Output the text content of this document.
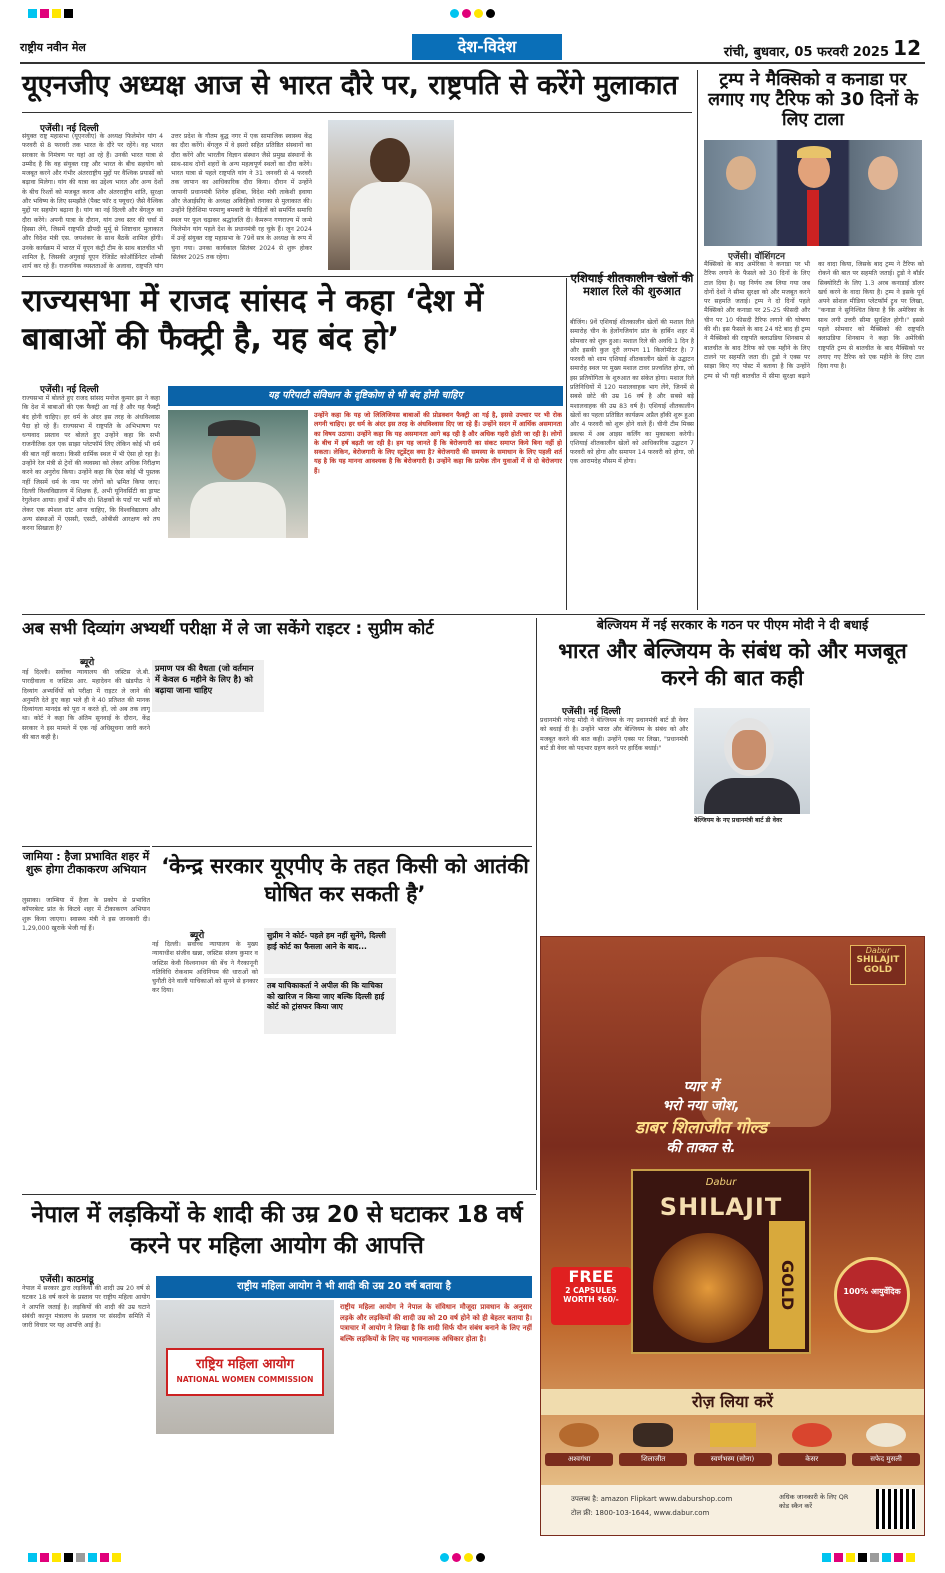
राष्ट्रीय नवीन मेल	देश-विदेश	रांची, बुधवार, 05 फरवरी 2025 12
यूएनजीए अध्यक्ष आज से भारत दौरे पर, राष्ट्रपति से करेंगे मुलाकात
एजेंसी। नई दिल्ली
संयुक्त राष्ट्र महासभा (यूएनजीए) के अध्यक्ष फिलेमोन यांग 4 फरवरी से 8 फरवरी तक भारत के दौरे पर रहेंगे। वह भारत सरकार के निमंत्रण पर यहां आ रहे हैं। उनकी भारत यात्रा से उम्मीद है कि वह संयुक्त राष्ट्र और भारत के बीच सहयोग को मजबूत करने और गंभीर अंतरराष्ट्रीय मुद्दों पर वैश्विक प्रयासों को बढ़ावा मिलेगा। यांग की यात्रा का उद्देश्य भारत और अन्य देशों के बीच रिश्तों को मजबूत करना और अंतरराष्ट्रीय शांति, सुरक्षा और भविष्य के लिए समझौते (पैक्ट फॉर द फ्यूचर) जैसे वैश्विक मुद्दों पर सहयोग बढ़ाना है। यांग का नई दिल्ली और बेंगलुरु का दौरा करेंगे। अपनी यात्रा के दौरान, यांग उच्च स्तर की चर्चा में हिस्सा लेंगे, जिसमें राष्ट्रपति द्रौपदी मुर्मू से शिष्टाचार मुलाकात और विदेश मंत्री एस. जयशंकर के साथ बैठकें शामिल होंगी। उनके कार्यक्रम में भारत में यूएन कंट्री टीम के साथ बातचीत भी शामिल है, जिसकी अगुवाई यूएन रेजिडेंट कोऑर्डिनेटर शोम्बी शार्प कर रहे हैं। राजनयिक व्यस्तताओं के अलावा, राष्ट्रपति यांग उत्तर प्रदेश के गौतम बुद्ध नगर में एक सामाजिक स्वास्थ्य केंद्र का दौरा करेंगे। बेंगलुरु में वे इसरो सहित प्रतिष्ठित संस्थानों का दौरा करेंगे और भारतीय विज्ञान संस्थान जैसे प्रमुख संस्थानों के साथ-साथ दोनों शहरों के अन्य महत्वपूर्ण स्थलों का दौरा करेंगे। भारत यात्रा से पहले राष्ट्रपति यांग ने 31 जनवरी से 4 फरवरी तक जापान का आधिकारिक दौरा किया। दौरान में उन्होंने जापानी प्रधानमंत्री शिगेरु इशिबा, विदेश मंत्री ताकेशी इवाया और जेआईसीए के अध्यक्ष अकिहिको तनाका से मुलाकात की। उन्होंने हिरोशिमा परमाणु बमबारी के पीड़ितों को समर्पित समाधि स्थल पर फूल चढ़ाकर श्रद्धांजलि दी। कैमरून गणराज्य में जन्मे फिलेमोन यांग पहले देश के प्रधानमंत्री रह चुके हैं। जून 2024 में उन्हें संयुक्त राष्ट्र महासभा के 79वें सत्र के अध्यक्ष के रूप में चुना गया। उनका कार्यकाल सितंबर 2024 से शुरू होकर सितंबर 2025 तक रहेगा।
ट्रम्प ने मैक्सिको व कनाडा पर लगाए गए टैरिफ को 30 दिनों के लिए टाला
एजेंसी। वॉशिंगटन
मैक्सिको के बाद अमेरिका ने कनाडा पर भी टैरिफ लगाने के फैसले को 30 दिनों के लिए टाल दिया है। यह निर्णय तब लिया गया जब दोनों देशों ने सीमा सुरक्षा को और मजबूत करने पर सहमति जताई। ट्रम्प ने दो दिनों पहले मैक्सिको और कनाडा पर 25-25 फीसदी और चीन पर 10 फीसदी टैरिफ लगाने की घोषणा की थी। इस फैसले के बाद 24 घंटे बाद ही ट्रम्प ने मैक्सिको की राष्ट्रपति क्लाउडिया शिनबाम से बातचीत के बाद टैरिफ को एक महीने के लिए टालने पर सहमति जता दी। ट्रूडो ने एक्स पर साझा किए गए पोस्ट में बताया है कि उन्होंने ट्रम्प से भी यही बातचीत में सीमा सुरक्षा बढ़ाने का वादा किया, जिसके बाद ट्रम्प ने टैरिफ को रोकने की बात पर सहमति जताई। ट्रूडो ने बॉर्डर सिक्योरिटी के लिए 1.3 अरब कनाडाई डॉलर खर्च करने के वादा किया है। ट्रम्प ने इसके पूर्व अपने सोशल मीडिया प्लेटफॉर्म ट्रुथ पर लिखा, "कनाडा ने सुनिश्चित किया है कि अमेरिका के साथ लगी उत्तरी सीमा सुरक्षित होगी।" इससे पहले सोमवार को मैक्सिको की राष्ट्रपति क्लाउडिया शिनबाम ने कहा कि अमेरिकी राष्ट्रपति ट्रम्प से बातचीत के बाद मैक्सिको पर लगाए गए टैरिफ को एक महीने के लिए टाल दिया गया है।
राज्यसभा में राजद सांसद ने कहा ‘देश में बाबाओं की फैक्ट्री है, यह बंद हो’
एजेंसी। नई दिल्ली
राज्यसभा में बोलते हुए राजद सांसद मनोज कुमार झा ने कहा कि देश में बाबाओं की एक फैक्ट्री आ गई है और यह फैक्ट्री बंद होनी चाहिए। हर धर्म के अंदर इस तरह के अंधविश्वास पैदा हो रहे हैं। राज्यसभा में राष्ट्रपति के अभिभाषण पर धन्यवाद प्रस्ताव पर बोलते हुए उन्होंने कहा कि सभी राजनीतिक दल एक साझा प्लेटफॉर्म लिए लेकिन कोई भी धर्म की बात नहीं करता। किसी धार्मिक स्थल में भी ऐसा हो रहा है। उन्होंने रेल मंत्री से ट्रेनों की व्यवस्था को लेकर अधिक निरीक्षण करने का अनुरोध किया। उन्होंने कहा कि ऐसा कोई भी पुस्तक नहीं जिसमें धर्म के नाम पर लोगों को भ्रमित किया जाए। दिल्ली विश्वविद्यालय में शिक्षक हैं, अभी यूनिवर्सिटी का ड्राफ्ट रेगुलेशन आया। हाथों में सौंप दो। शिक्षकों के पदों पर भर्ती को लेकर एक स्पेशल ग्रांट आना चाहिए, कि विश्वविद्यालय और अन्य संस्थाओं में एससी, एसटी, ओबीसी आरक्षण को तय करना सिखाता है?
यह परिपाटी संविधान के दृष्टिकोण से भी बंद होनी चाहिए
उन्होंने कहा कि यह जो लिलिजियस बाबाओं की प्रोडक्शन फैक्ट्री आ गई है, इससे उपचार पर भी रोक लगनी चाहिए। हर धर्म के अंदर इस तरह के अंधविश्वास दिए जा रहे हैं। उन्होंने सदन में आर्थिक असमानता का विषय उठाया। उन्होंने कहा कि यह असमानता आगे बढ़ रही है और अधिक गहरी होती जा रही है। लोगों के बीच में हर्ष बढ़ती जा रही है। हम यह जानते हैं कि बेरोजगारी का संकट समाप्त किये बिना नहीं हो सकता। लेकिन, बेरोजगारी के लिए स्टूडेंट्स क्या है? बेरोजगारी की समस्या के समाधान के लिए पहली शर्त यह है कि यह मानना आवश्यक है कि बेरोजगारी है। उन्होंने कहा कि प्रत्येक तीन युवाओं में से दो बेरोजगार हैं।
एशियाई शीतकालीन खेलों की मशाल रिले की शुरुआत
बीजिंग। 9वें एशियाई शीतकालीन खेलों की मशाल रिले समारोह चीन के हेलोंगजियांग प्रांत के हार्बिन शहर में सोमवार को शुरू हुआ। मशाल रिले की अवधि 1 दिन है और इसकी कुल दूरी लगभग 11 किलोमीटर है। 7 फरवरी को शाम एशियाई शीतकालीन खेलों के उद्घाटन समारोह स्थल पर मुख्य मशाल टावर प्रज्वलित होगा, जो इस प्रतियोगिता के शुरुआत का संकेत होगा। मशाल रिले प्रतिनिधियों में 120 मशालवाहक भाग लेंगे, जिनमें से सबसे छोटे की उम्र 16 वर्ष है और सबसे बड़े मशालवाहक की उम्र 83 वर्ष है। एशियाई शीतकालीन खेलों का पहला प्रतिष्ठित कार्यक्रम अप्रैल हॉकी शुरू हुआ और 4 फरवरी को शुरू होने वाले हैं। चीनी टीम मिक्स डबल्स में अब आइस कर्लिंग का मुकाबला करेगी। एशियाई शीतकालीन खेलों को आधिकारिक उद्घाटन 7 फरवरी को होगा और समापन 14 फरवरी को होगा, जो एक आरामदेह मौसम में होगा।
अब सभी दिव्यांग अभ्यर्थी परीक्षा में ले जा सकेंगे राइटर : सुप्रीम कोर्ट
ब्यूरो
नई दिल्ली। सर्वोच्च न्यायालय की जस्टिस जे.बी. पारदीवाला व जस्टिस आर. महादेवन की खंडपीठ ने दिव्यांग अभ्यर्थियों को परीक्षा में राइटर ले जाने की अनुमति देते हुए कहा भले ही वे 40 प्रतिशत की मानक दिव्यांगता मानदंड को पूरा न करते हों, जो अब तक लागू था। कोर्ट ने कहा कि अंतिम सुनवाई के दौरान, केंद्र सरकार ने इस मामले में एक नई अधिसूचना जारी करने की बात कही है।
प्रमाण पत्र की वैधता (जो वर्तमान में केवल 6 महीने के लिए है) को बढ़ाया जाना चाहिए
जामिया : हैजा प्रभावित शहर में शुरू होगा टीकाकरण अभियान
लुसाका। जाम्बिया में हैजा के प्रकोप से प्रभावित कॉपरबेल्ट प्रांत के किटवे शहर में टीकाकरण अभियान शुरू किया जाएगा। स्वास्थ्य मंत्री ने इस जानकारी दी। 1,29,000 खुराकें भेजी गई हैं।
‘केन्द्र सरकार यूएपीए के तहत किसी को आतंकी घोषित कर सकती है’
ब्यूरो
नई दिल्ली। सर्वोच्च न्यायालय के मुख्य न्यायाधीश संजीव खन्ना, जस्टिस संजय कुमार व जस्टिस केवी विश्वनाथन की बेंच ने गैरकानूनी गतिविधि रोकथाम अधिनियम की धाराओं को चुनौती देने वाली याचिकाओं को सुनने से इनकार कर दिया।
सुप्रीम ने कोर्ट- पहले हम नहीं सुनेंगे, दिल्ली हाई कोर्ट का फैसला आने के बाद...
तब याचिकाकर्ता ने अपील की कि याचिका को खारिज न किया जाए बल्कि दिल्ली हाई कोर्ट को ट्रांसफर किया जाए
बेल्जियम में नई सरकार के गठन पर पीएम मोदी ने दी बधाई
भारत और बेल्जियम के संबंध को और मजबूत करने की बात कही
एजेंसी। नई दिल्ली
प्रधानमंत्री नरेन्द्र मोदी ने बेल्जियम के नए प्रधानमंत्री बार्ट डी वेवर को बधाई दी है। उन्होंने भारत और बेल्जियम के संबंध को और मजबूत करने की बात कही। उन्होंने एक्स पर लिखा, "प्रधानमंत्री बार्ट डी वेवर को पदभार ग्रहण करने पर हार्दिक बधाई।"
बेल्जियम के नए प्रधानमंत्री बार्ट डी वेवर
Dabur
SHILAJIT
GOLD
प्यार में
भरो नया जोश,
डाबर शिलाजीत गोल्ड
की ताकत से.
Dabur
SHILAJIT
GOLD
FREE
2 CAPSULES WORTH ₹60/-
100% आयुर्वेदिक
रोज़ लिया करें
अश्वगंधा	शिलाजीत	स्वर्णभस्म (सोना)	केसर	सफेद मुसली
उपलब्ध है: amazon Flipkart www.daburshop.com
टोल फ्री: 1800-103-1644, www.dabur.com
अधिक जानकारी के लिए QR कोड स्कैन करें
नेपाल में लड़कियों के शादी की उम्र 20 से घटाकर 18 वर्ष करने पर महिला आयोग की आपत्ति
एजेंसी। काठमांडू
नेपाल में सरकार द्वारा लड़कियों की शादी उम्र 20 वर्ष से घटकर 18 वर्ष करने के प्रस्ताव पर राष्ट्रीय महिला आयोग ने आपत्ति जताई है। लड़कियों की शादी की उम्र घटाने संबंधी कानून मंत्रालय के प्रस्ताव पर संसदीय समिति में जारी विचार पर यह आपत्ति आई है।
राष्ट्रीय महिला आयोग ने भी शादी की उम्र 20 वर्ष बताया है
राष्ट्रिय महिला आयोग
NATIONAL WOMEN COMMISSION
राष्ट्रीय महिला आयोग ने नेपाल के संविधान मौजूदा प्रावधान के अनुसार लड़के और लड़कियों की शादी उम्र को 20 वर्ष होने को ही बेहतर बताया है। पत्राचार में आयोग ने लिखा है कि शादी सिर्फ यौन संबंध बनाने के लिए नहीं बल्कि लड़कियों के लिए यह भावनात्मक अधिकार होता है।
